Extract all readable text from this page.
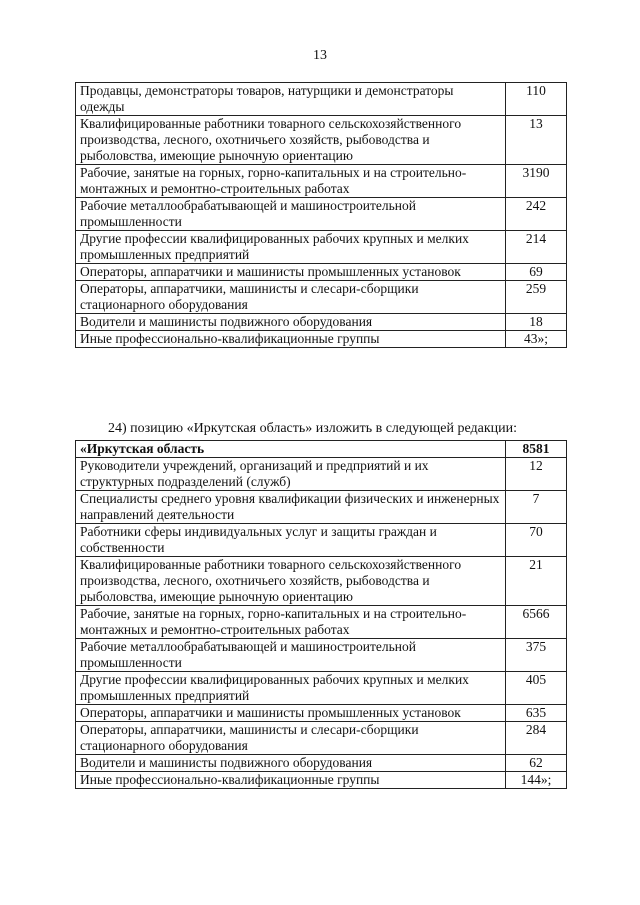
13
Продавцы, демонстраторы товаров, натурщики и демонстраторы одежды	110
Квалифицированные работники товарного сельскохозяйственного производства, лесного, охотничьего хозяйств, рыбоводства и рыболовства, имеющие рыночную ориентацию	13
Рабочие, занятые на горных, горно-капитальных и на строительно-монтажных и ремонтно-строительных работах	3190
Рабочие металлообрабатывающей и машиностроительной промышленности	242
Другие профессии квалифицированных рабочих крупных и мелких промышленных предприятий	214
Операторы, аппаратчики и машинисты промышленных установок	69
Операторы, аппаратчики, машинисты и слесари-сборщики стационарного оборудования	259
Водители и машинисты подвижного оборудования	18
Иные профессионально-квалификационные группы	43»;
24) позицию «Иркутская область» изложить в следующей редакции:
«Иркутская область	8581
Руководители учреждений, организаций и предприятий и их структурных подразделений (служб)	12
Специалисты среднего уровня квалификации физических и инженерных направлений деятельности	7
Работники сферы индивидуальных услуг и защиты граждан и собственности	70
Квалифицированные работники товарного сельскохозяйственного производства, лесного, охотничьего хозяйств, рыбоводства и рыболовства, имеющие рыночную ориентацию	21
Рабочие, занятые на горных, горно-капитальных и на строительно-монтажных и ремонтно-строительных работах	6566
Рабочие металлообрабатывающей и машиностроительной промышленности	375
Другие профессии квалифицированных рабочих крупных и мелких промышленных предприятий	405
Операторы, аппаратчики и машинисты промышленных установок	635
Операторы, аппаратчики, машинисты и слесари-сборщики стационарного оборудования	284
Водители и машинисты подвижного оборудования	62
Иные профессионально-квалификационные группы	144»;
